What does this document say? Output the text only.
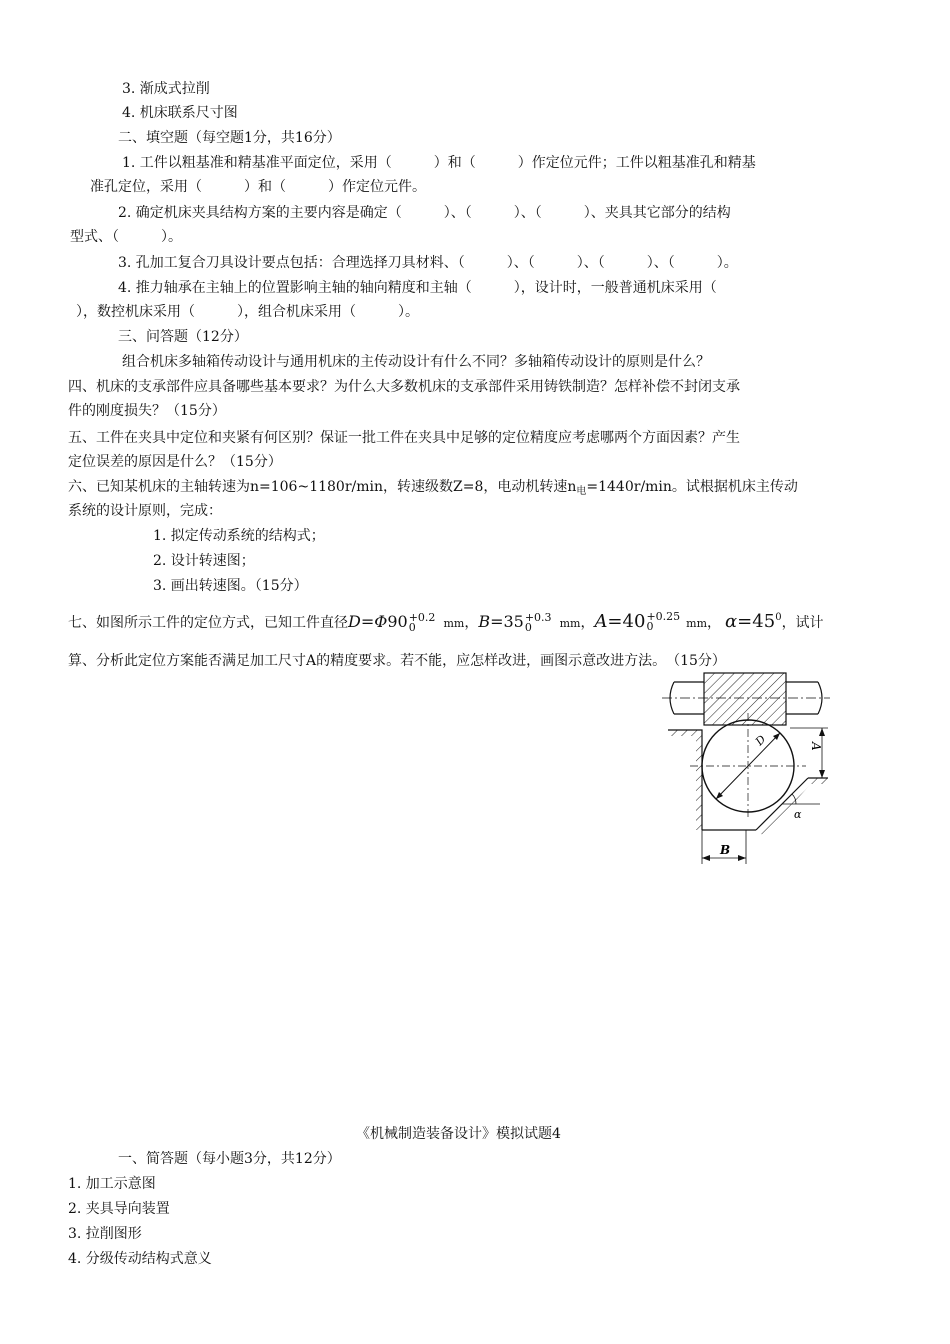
3. 渐成式拉削
4. 机床联系尺寸图
二、填空题（每空题1分，共16分）
1. 工件以粗基准和精基准平面定位，采用（　　　）和（　　　）作定位元件；工件以粗基准孔和精基
准孔定位，采用（　　　）和（　　　）作定位元件。
2. 确定机床夹具结构方案的主要内容是确定（　　　）、（　　　）、（　　　）、夹具其它部分的结构
型式、（　　　）。
3. 孔加工复合刀具设计要点包括：合理选择刀具材料、（　　　）、（　　　）、（　　　）、（　　　）。
4. 推力轴承在主轴上的位置影响主轴的轴向精度和主轴（　　　），设计时，一般普通机床采用（
），数控机床采用（　　　），组合机床采用（　　　）。
三、问答题（12分）
组合机床多轴箱传动设计与通用机床的主传动设计有什么不同？多轴箱传动设计的原则是什么？
四、机床的支承部件应具备哪些基本要求？为什么大多数机床的支承部件采用铸铁制造？怎样补偿不封闭支承
件的刚度损失？（15分）
五、工件在夹具中定位和夹紧有何区别？保证一批工件在夹具中足够的定位精度应考虑哪两个方面因素？产生
定位误差的原因是什么？（15分）
六、已知某机床的主轴转速为n=106~1180r/min，转速级数Z=8，电动机转速$n_电=1440r/\min$。试根据机床主传动
系统的设计原则，完成：
1. 拟定传动系统的结构式；
2. 设计转速图；
3. 画出转速图。（15分）
七、如图所示工件的定位方式，已知工件直径D=Φ90 +0.2
0	mm，B=35 +0.3
0	mm，A=40 +0.25
0	mm， $\alpha=45^0$，试计
算、分析此定位方案能否满足加工尺寸A的精度要求。若不能，应怎样改进，画图示意改进方法。　（15分）
D
α
A
B
《机械制造装备设计》模拟试题4
一、简答题（每小题3分，共12分）
1. 加工示意图
2. 夹具导向装置
3. 拉削图形
4. 分级传动结构式意义
